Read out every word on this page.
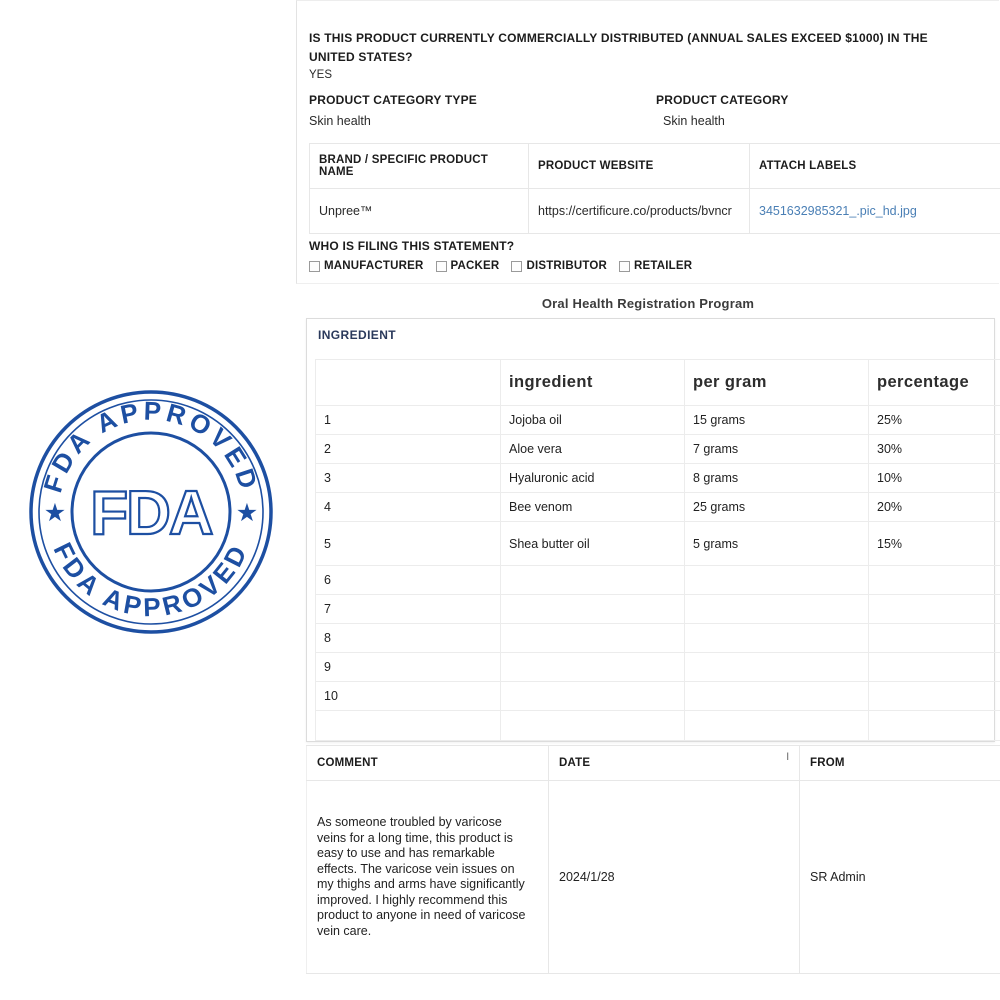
FDA APPROVED
FDA APPROVED
★	★
FDA
IS THIS PRODUCT CURRENTLY COMMERCIALLY DISTRIBUTED (ANNUAL SALES EXCEED $1000) IN THE UNITED STATES?
YES
PRODUCT CATEGORY TYPE	PRODUCT CATEGORY
Skin health	Skin health
BRAND / SPECIFIC PRODUCT NAME	PRODUCT WEBSITE	ATTACH LABELS
Unpree™	https://certificure.co/products/bvncr	3451632985321_.pic_hd.jpg
WHO IS FILING THIS STATEMENT?
MANUFACTURER PACKER DISTRIBUTOR RETAILER
Oral Health Registration Program
INGREDIENT
	ingredient	per gram	percentage
1	Jojoba oil	15 grams	25%
2	Aloe vera	7 grams	30%
3	Hyaluronic acid	8 grams	10%
4	Bee venom	25 grams	20%
5	Shea butter oil	5 grams	15%
6			
7			
8			
9			
10			

COMMENT	DATE l	FROM

As someone troubled by varicose veins for a long time, this product is easy to use and has remarkable effects. The varicose vein issues on my thighs and arms have significantly improved. I highly recommend this product to anyone in need of varicose vein care.	2024/1/28	SR Admin
